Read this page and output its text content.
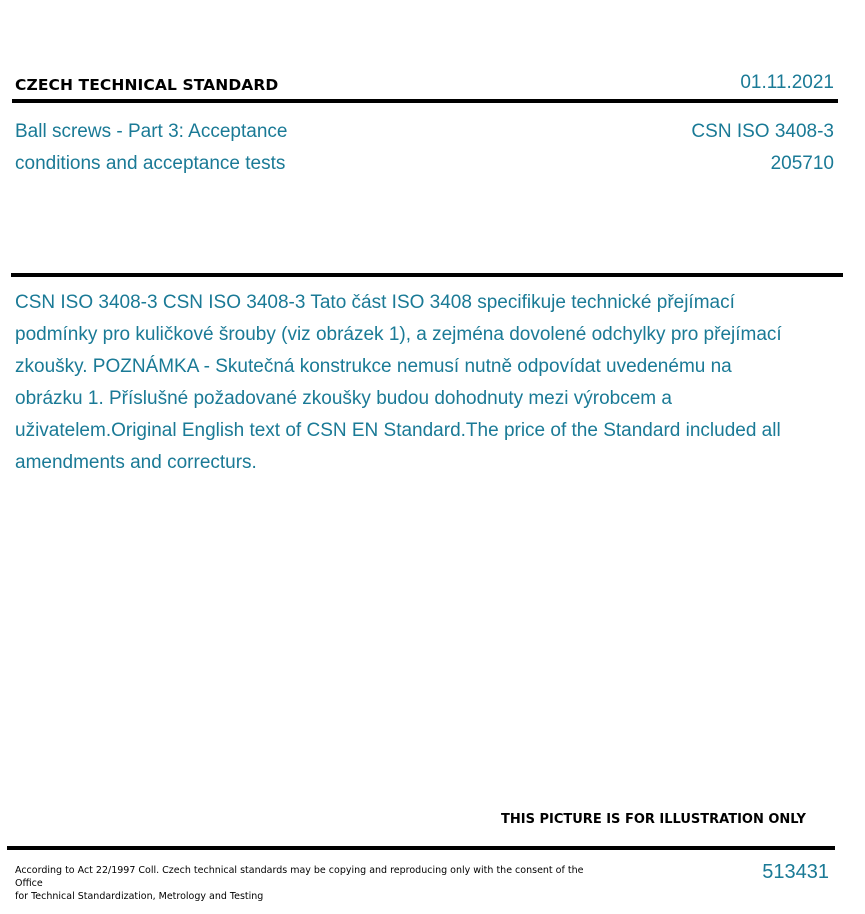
CZECH TECHNICAL STANDARD	01.11.2021
Ball screws - Part 3: Acceptance
conditions and acceptance tests
CSN ISO 3408-3
205710
CSN ISO 3408-3 CSN ISO 3408-3 Tato část ISO 3408 specifikuje technické přejímací podmínky pro kuličkové šrouby (viz obrázek 1), a zejména dovolené odchylky pro přejímací zkoušky. POZNÁMKA - Skutečná konstrukce nemusí nutně odpovídat uvedenému na obrázku 1. Příslušné požadované zkoušky budou dohodnuty mezi výrobcem a uživatelem.Original English text of CSN EN Standard.The price of the Standard included all amendments and correcturs.
THIS PICTURE IS FOR ILLUSTRATION ONLY
According to Act 22/1997 Coll. Czech technical standards may be copying and reproducing only with the consent of the Office
for Technical Standardization, Metrology and Testing
513431
